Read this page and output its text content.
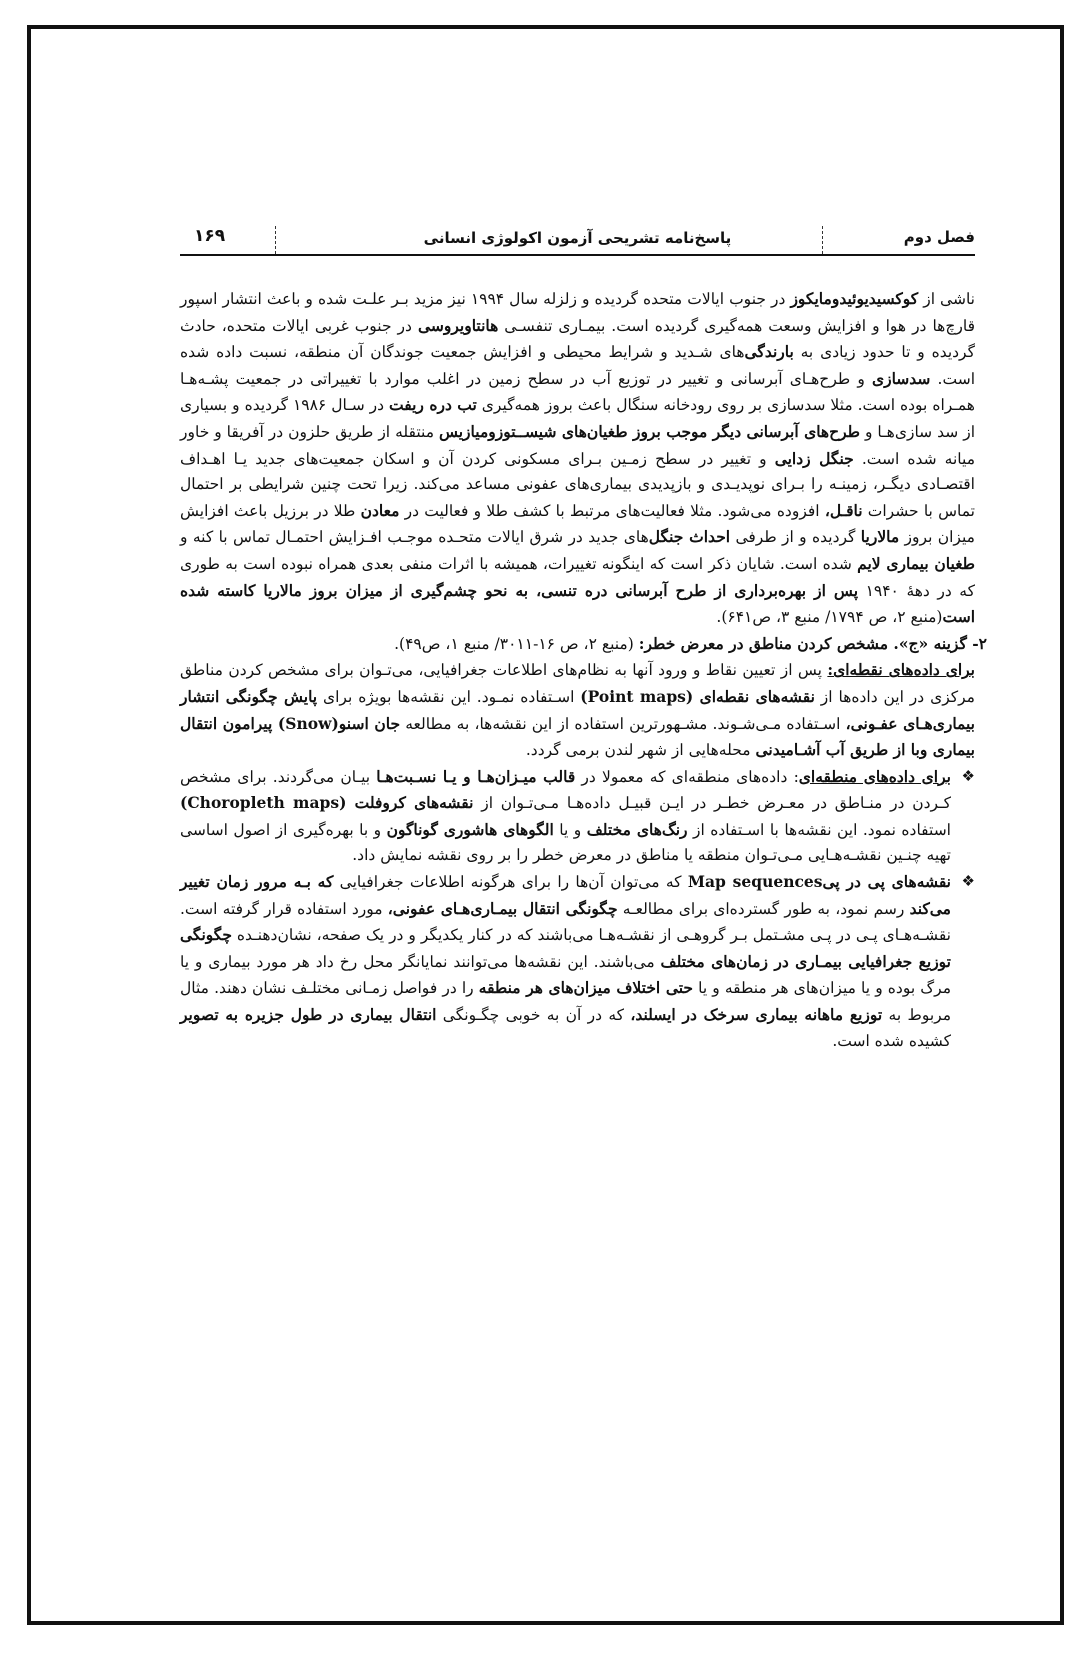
فصل دوم
پاسخ‌نامه تشریحی آزمون اکولوژی انسانی
۱۶۹

ناشی از کوکسیدیوئیدومایکوز در جنوب ایالات متحده گردیده و زلزله سال ۱۹۹۴ نیز مزید بـر علـت شده و باعث انتشار اسپور قارچ‌ها در هوا و افزایش وسعت همه‌گیری گردیده است. بیمـاری تنفسـی هانتاویروسی در جنوب غربی ایالات متحده، حادث گردیده و تا حدود زیادی به بارندگی‌های شـدید و شرایط محیطی و افزایش جمعیت جوندگان آن منطقه، نسبت داده شده است. سدسازی و طرح‌هـای آبرسانی و تغییر در توزیع آب در سطح زمین در اغلب موارد با تغییراتی در جمعیت پشـه‌هـا همـراه بوده است. مثلا سدسازی بر روی رودخانه سنگال باعث بروز همه‌گیری تب دره ریفت در سـال ۱۹۸۶ گردیده و بسیاری از سد سازی‌هـا و طرح‌های آبرسانی دیگر موجب بروز طغیان‌های شیســتوزومیازیس منتقله از طریق حلزون در آفریقا و خاور میانه شده است. جنگل زدایی و تغییر در سطح زمـین بـرای مسکونی کردن آن و اسکان جمعیت‌های جدید یـا اهـداف اقتصـادی دیگـر، زمینـه را بـرای نوپدیـدی و بازپدیدی بیماری‌های عفونی مساعد می‌کند. زیرا تحت چنین شرایطی بر احتمال تماس با حشرات ناقـل، افزوده می‌شود. مثلا فعالیت‌های مرتبط با کشف طلا و فعالیت در معادن طلا در برزیل باعث افزایش میزان بروز مالاریا گردیده و از طرفی احداث جنگل‌های جدید در شرق ایالات متحـده موجـب افـزایش احتمـال تماس با کنه و طغیان بیماری لایم شده است. شایان ذکر است که اینگونه تغییرات، همیشه با اثرات منفی بعدی همراه نبوده است به طوری که در دههٔ ۱۹۴۰ پس از بهره‌برداری از طرح آبرسانی دره تنسی، به نحو چشم‌گیری از میزان بروز مالاریا کاسته شده است(منبع ۲، ص ۱۷۹۴/ منبع ۳، ص۶۴۱).

۲- گزینه «ج». مشخص کردن مناطق در معرض خطر: (منبع ۲، ص ۱۶-۳۰۱۱/ منبع ۱، ص۴۹).

برای داده‌های نقطه‌ای: پس از تعیین نقاط و ورود آنها به نظام‌های اطلاعات جغرافیایی، می‌تـوان برای مشخص کردن مناطق مرکزی در این داده‌ها از نقشه‌های نقطه‌ای (Point maps) اسـتفاده نمـود. این نقشه‌ها بویژه برای پایش چگونگی انتشار بیماری‌هـای عفـونی، اسـتفاده مـی‌شـوند. مشـهورترین استفاده از این نقشه‌ها، به مطالعه جان اسنو(Snow) پیرامون انتقال بیماری وبا از طریق آب آشـامیدنی محله‌هایی از شهر لندن برمی گردد.

❖
برای داده‌های منطقه‌ای: داده‌های منطقه‌ای که معمولا در قالب میـزان‌هـا و یـا نسـبت‌هـا بیـان می‌گردند. برای مشخص کـردن در منـاطق در معـرض خطـر در ایـن قبیـل داده‌هـا مـی‌تـوان از نقشه‌های کروفلت (Choropleth maps) استفاده نمود. این نقشه‌ها با اسـتفاده از رنگ‌های مختلف و یا الگوهای هاشوری گوناگون و با بهره‌گیری از اصول اساسی تهیه چنـین نقشـه‌هـایی مـی‌تـوان منطقه یا مناطق در معرض خطر را بر روی نقشه نمایش داد.

❖
نقشه‌های پی در پیMap sequences که می‌توان آن‌ها را برای هرگونه اطلاعات جغرافیایی که بـه مرور زمان تغییر می‌کند رسم نمود، به طور گسترده‌ای برای مطالعـه چگونگی انتقال بیمـاری‌هـای عفونی، مورد استفاده قرار گرفته است. نقشـه‌هـای پـی در پـی مشـتمل بـر گروهـی از نقشـه‌هـا می‌باشند که در کنار یکدیگر و در یک صفحه، نشان‌دهنـده چگونگی توزیع جغرافیایی بیمـاری در زمان‌های مختلف می‌باشند. این نقشه‌ها می‌توانند نمایانگر محل رخ داد هر مورد بیماری و یا مرگ بوده و یا میزان‌های هر منطقه و یا حتی اختلاف میزان‌های هر منطقه را در فواصل زمـانی مختلـف نشان دهند. مثال مربوط به توزیع ماهانه بیماری سرخک در ایسلند، که در آن به خوبی چگـونگی انتقال بیماری در طول جزیره به تصویر کشیده شده است.
